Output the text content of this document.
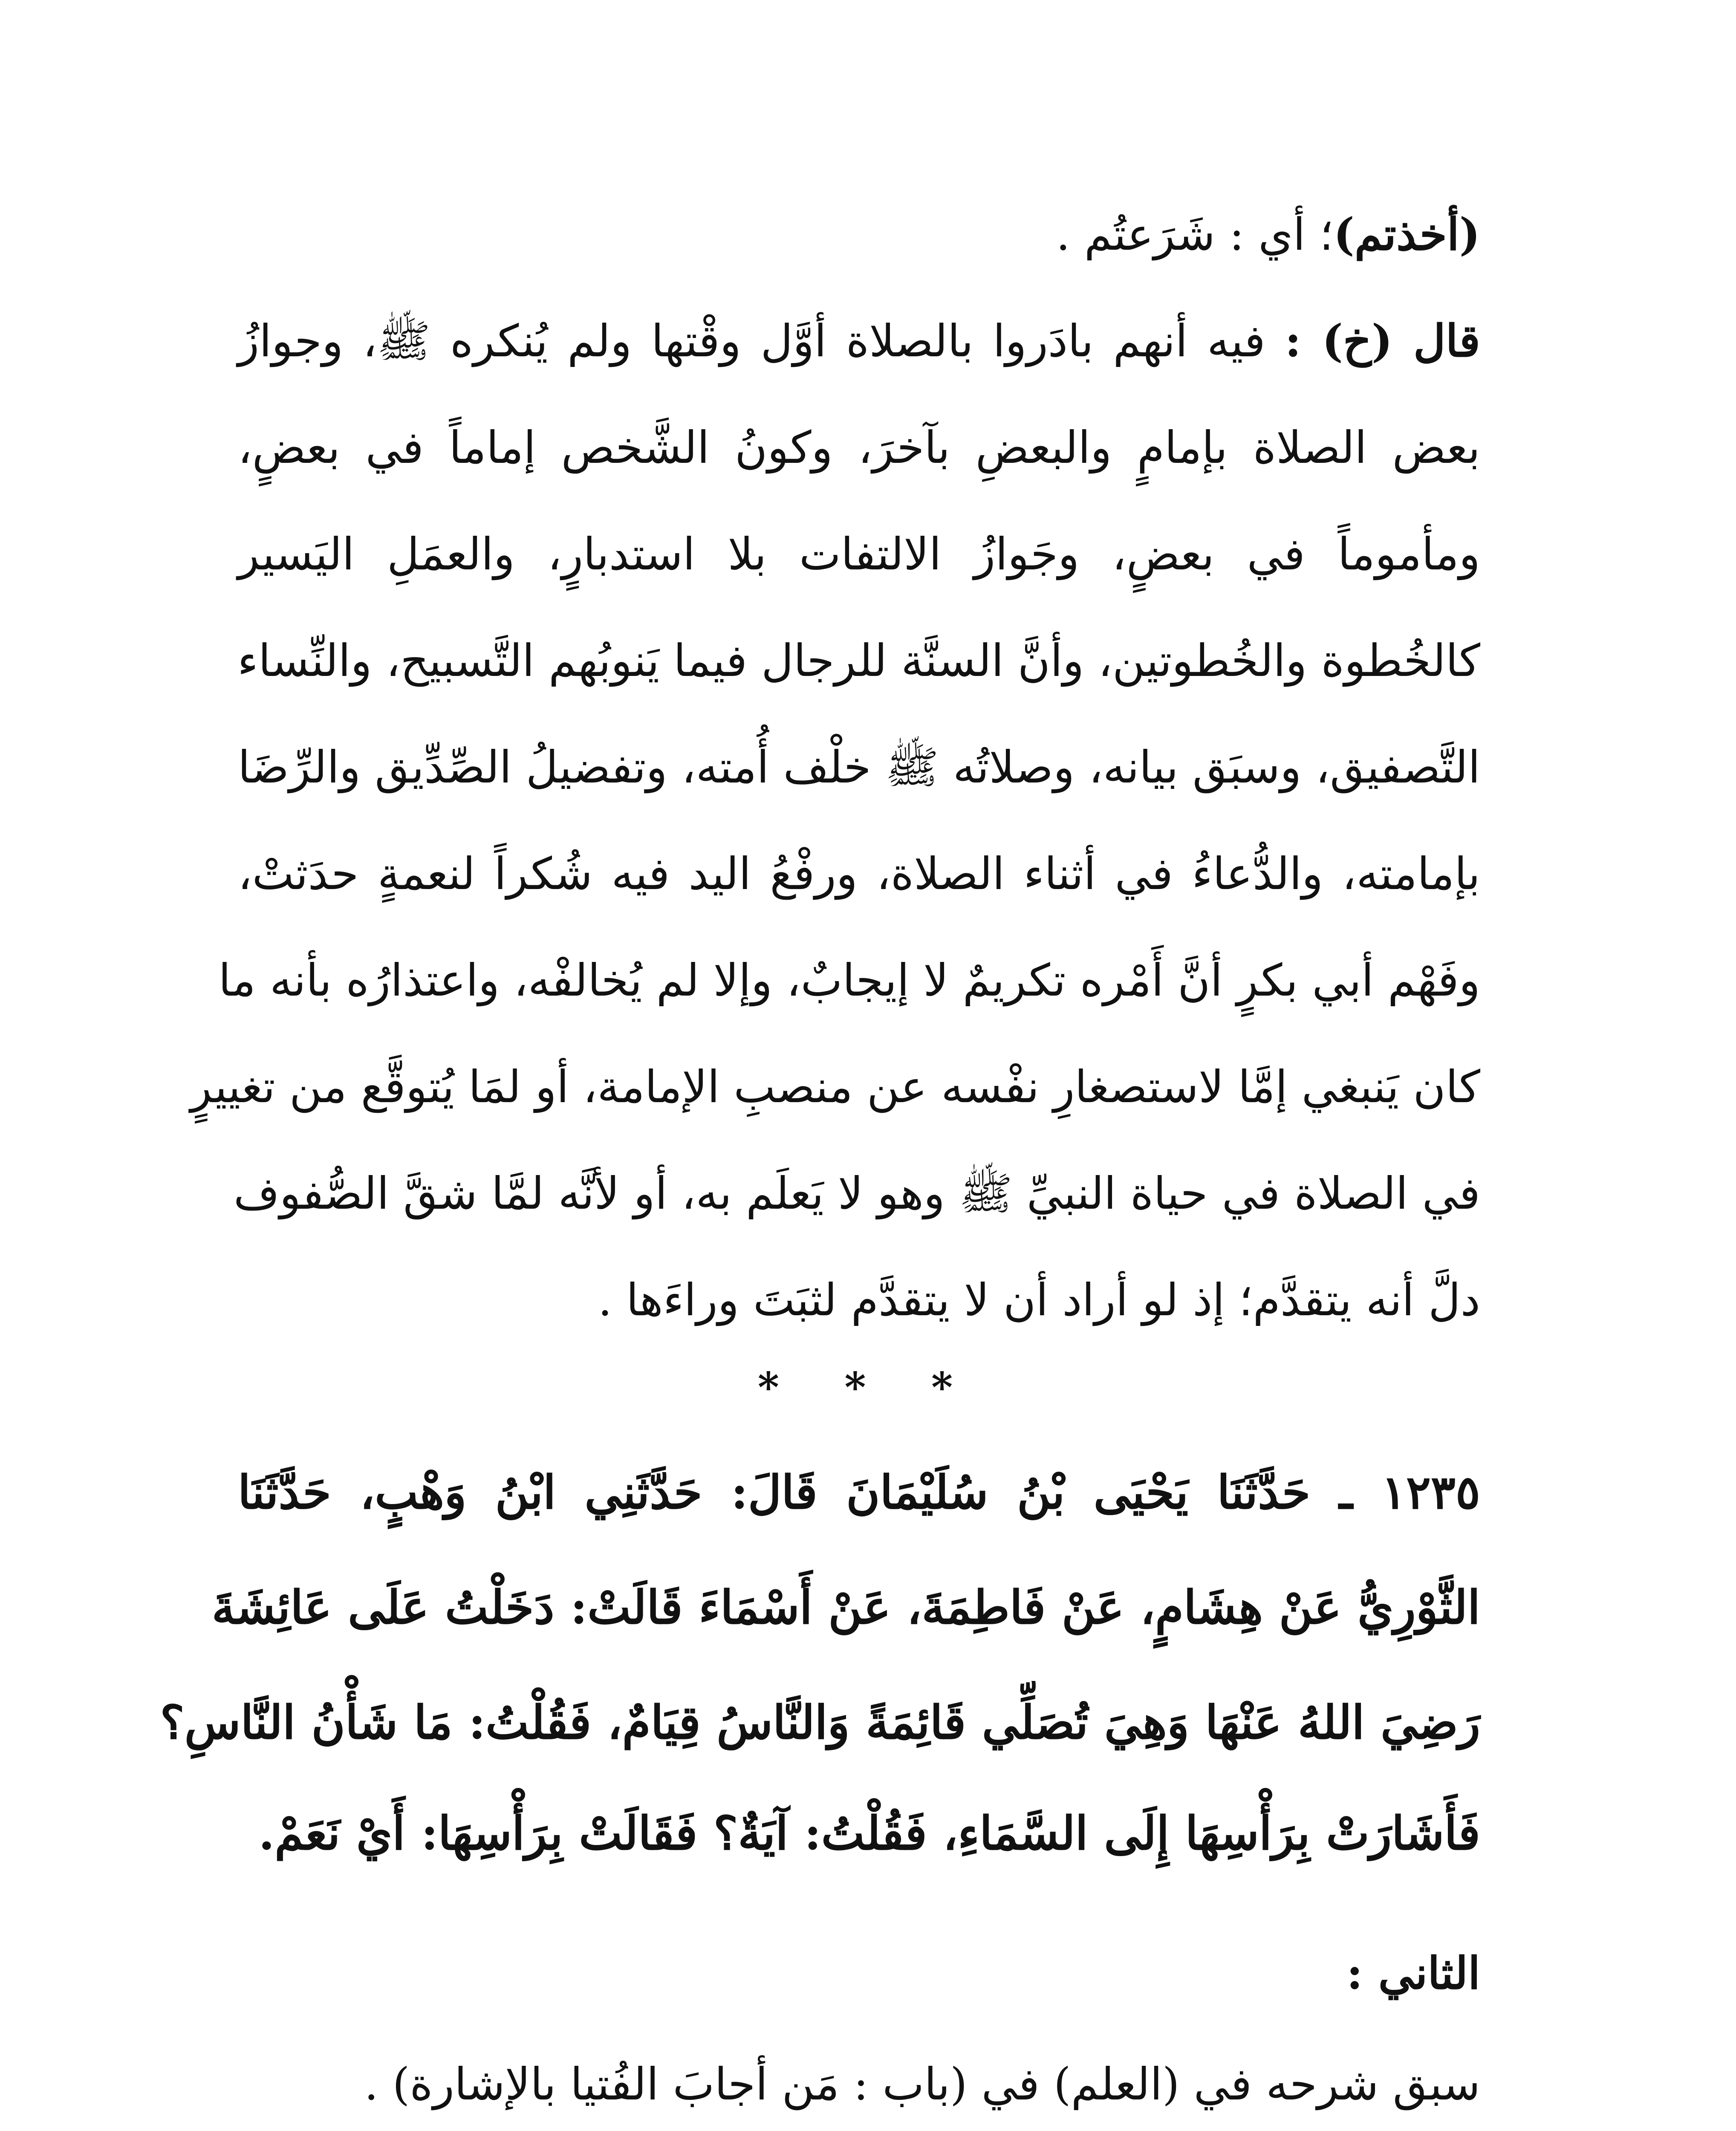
(أخذتم)؛ أي : شَرَعتُم .
قال (خ) : فيه أنهم بادَروا بالصلاة أوَّل وقْتها ولم يُنكره ﷺ، وجوازُ
بعض الصلاة بإمامٍ والبعضِ بآخرَ، وكونُ الشَّخص إماماً في بعضٍ،
ومأموماً في بعضٍ، وجَوازُ الالتفات بلا استدبارٍ، والعمَلِ اليَسير
كالخُطوة والخُطوتين، وأنَّ السنَّة للرجال فيما يَنوبُهم التَّسبيح، والنِّساء
التَّصفيق، وسبَق بيانه، وصلاتُه ﷺ خلْف أُمته، وتفضيلُ الصِّدِّيق والرِّضَا
بإمامته، والدُّعاءُ في أثناء الصلاة، ورفْعُ اليد فيه شُكراً لنعمةٍ حدَثتْ،
وفَهْم أبي بكرٍ أنَّ أَمْره تكريمٌ لا إيجابٌ، وإلا لم يُخالفْه، واعتذارُه بأنه ما
كان يَنبغي إمَّا لاستصغارِ نفْسه عن منصبِ الإمامة، أو لمَا يُتوقَّع من تغييرٍ
في الصلاة في حياة النبيِّ ﷺ وهو لا يَعلَم به، أو لأنَّه لمَّا شقَّ الصُّفوف
دلَّ أنه يتقدَّم؛ إذ لو أراد أن لا يتقدَّم لثبَتَ وراءَها .
* * *
١٢٣٥ ـ حَدَّثَنَا يَحْيَى بْنُ سُلَيْمَانَ قَالَ: حَدَّثَنِي ابْنُ وَهْبٍ، حَدَّثَنَا
الثَّوْرِيُّ عَنْ هِشَامٍ، عَنْ فَاطِمَةَ، عَنْ أَسْمَاءَ قَالَتْ: دَخَلْتُ عَلَى عَائِشَةَ
رَضِيَ اللهُ عَنْهَا وَهِيَ تُصَلِّي قَائِمَةً وَالنَّاسُ قِيَامٌ، فَقُلْتُ: مَا شَأْنُ النَّاسِ؟
فَأَشَارَتْ بِرَأْسِهَا إِلَى السَّمَاءِ، فَقُلْتُ: آيَةٌ؟ فَقَالَتْ بِرَأْسِهَا: أَيْ نَعَمْ.
الثاني :
سبق شرحه في (العلم) في (باب : مَن أجابَ الفُتيا بالإشارة) .
